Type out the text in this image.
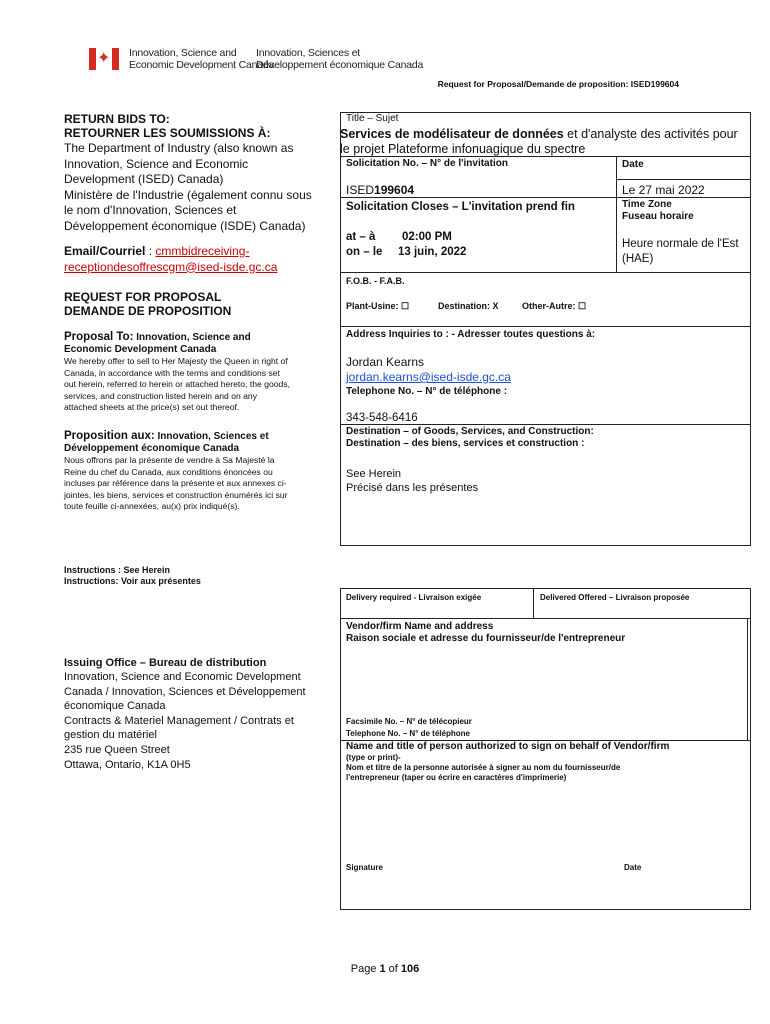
✦ Innovation, Science and
Economic Development Canada
Innovation, Sciences et
Développement économique Canada
Request for Proposal/Demande de proposition: ISED199604
RETURN BIDS TO:
RETOURNER LES SOUMISSIONS À:
The Department of Industry (also known as
Innovation, Science and Economic
Development (ISED) Canada)
Ministère de l'Industrie (également connu sous
le nom d'Innovation, Sciences et
Développement économique (ISDE) Canada)
Email/Courriel : cmmbidreceiving-
receptiondesoffrescgm@ised-isde.gc.ca
REQUEST FOR PROPOSAL
DEMANDE DE PROPOSITION
Proposal To: Innovation, Science and
Economic Development Canada
We hereby offer to sell to Her Majesty the Queen in right of
Canada, in accordance with the terms and conditions set
out herein, referred to herein or attached hereto, the goods,
services, and construction listed herein and on any
attached sheets at the price(s) set out thereof.
Proposition aux: Innovation, Sciences et
Développement économique Canada
Nous offrons par la présente de vendre à Sa Majesté la
Reine du chef du Canada, aux conditions énoncées ou
incluses par référence dans la présente et aux annexes ci-
jointes, les biens, services et construction énumérés ici sur
toute feuille ci-annexées, au(x) prix indiqué(s).
Instructions : See Herein
Instructions: Voir aux présentes
Issuing Office – Bureau de distribution
Innovation, Science and Economic Development
Canada / Innovation, Sciences et Développement
économique Canada
Contracts & Materiel Management / Contrats et
gestion du matériel
235 rue Queen Street
Ottawa, Ontario, K1A 0H5
Title – Sujet
Services de modélisateur de données et d'analyste des activités pour
le projet Plateforme infonuagique du spectre
Solicitation No. – N° de l'invitation	Date
ISED199604	Le 27 mai 2022
Solicitation Closes – L'invitation prend fin	Time Zone
Fuseau horaire
at – à 02:00 PM
on – le 13 juin, 2022
Heure normale de l'Est
(HAE)
F.O.B. - F.A.B.
Plant-Usine: ☐	Destination: X	Other-Autre: ☐
Address Inquiries to : - Adresser toutes questions à:
Jordan Kearns
jordan.kearns@ised-isde.gc.ca
Telephone No. – N° de téléphone :
343-548-6416
Destination – of Goods, Services, and Construction:
Destination – des biens, services et construction :
See Herein
Précisé dans les présentes
Delivery required - Livraison exigée	Delivered Offered – Livraison proposée
Vendor/firm Name and address
Raison sociale et adresse du fournisseur/de l'entrepreneur
Facsimile No. – N° de télécopieur
Telephone No. – N° de téléphone
Name and title of person authorized to sign on behalf of Vendor/firm
(type or print)-
Nom et titre de la personne autorisée à signer au nom du fournisseur/de
l'entrepreneur (taper ou écrire en caractères d'imprimerie)
Signature	Date
Page 1 of 106
